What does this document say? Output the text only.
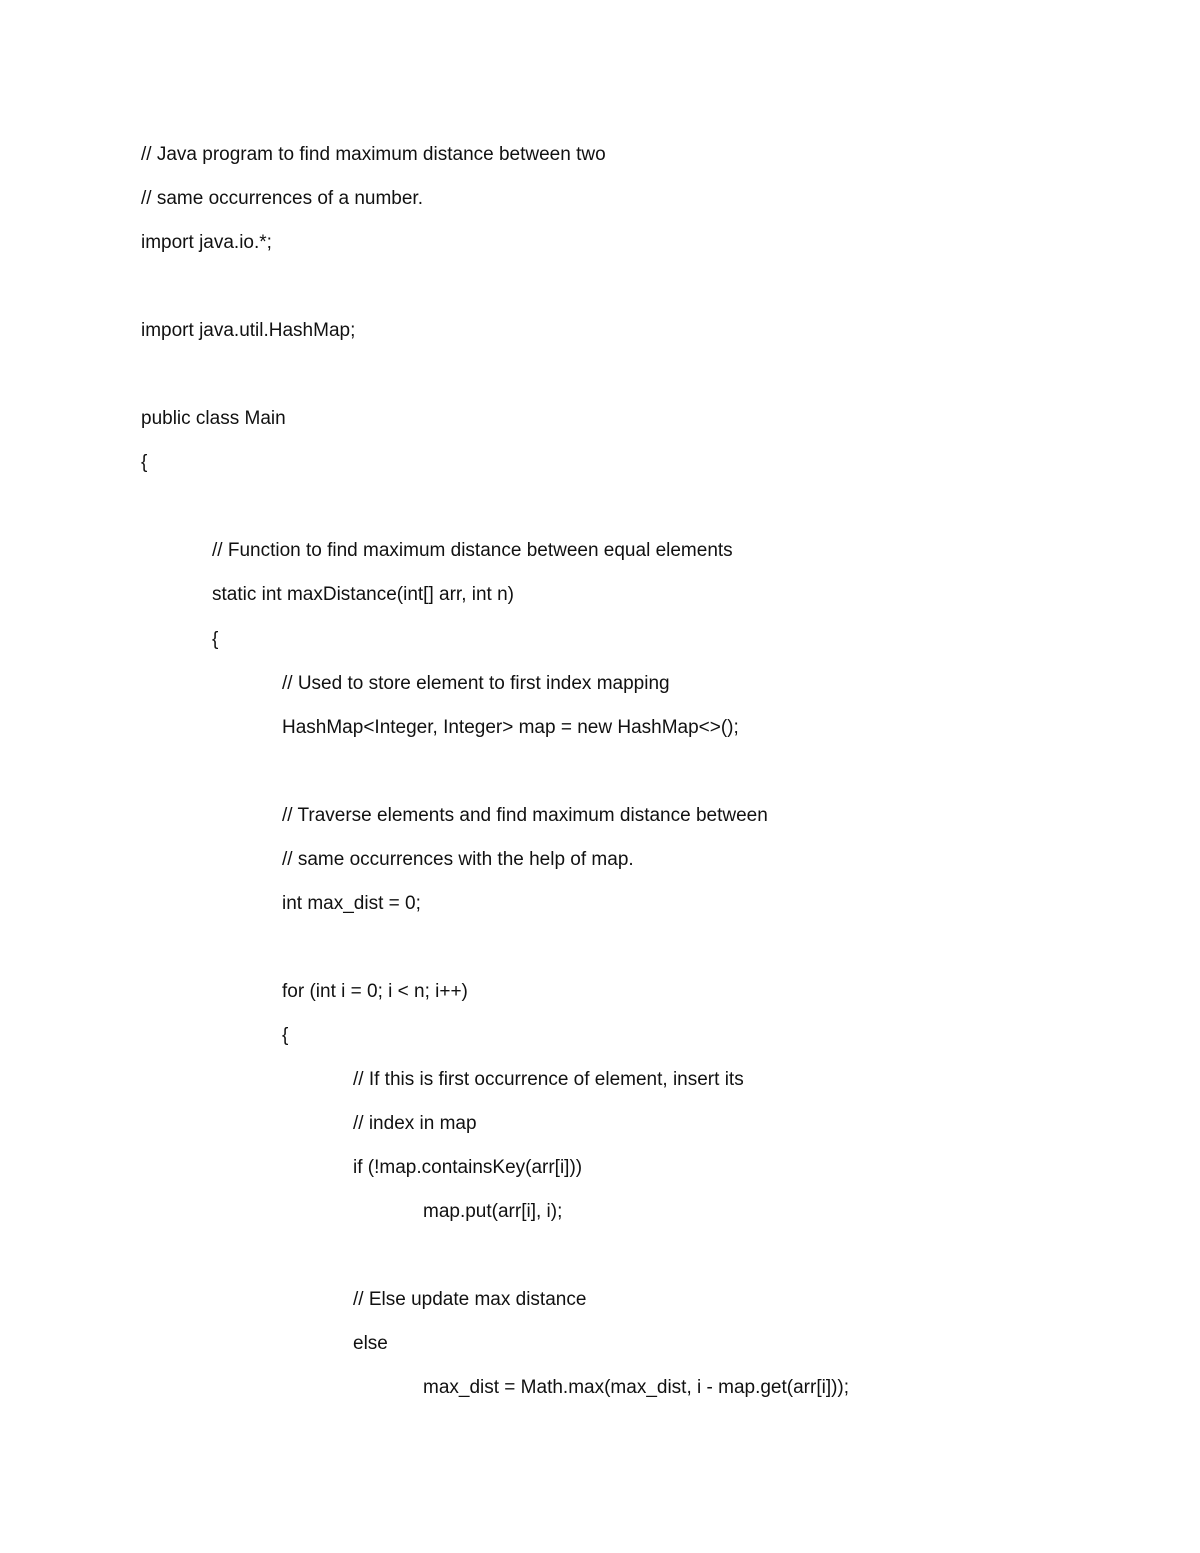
// Java program to find maximum distance between two
// same occurrences of a number.
import java.io.*;
import java.util.HashMap;
public class Main
{
// Function to find maximum distance between equal elements
static int maxDistance(int[] arr, int n)
{
// Used to store element to first index mapping
HashMap<Integer, Integer> map = new HashMap<>();
// Traverse elements and find maximum distance between
// same occurrences with the help of map.
int max_dist = 0;
for (int i = 0; i < n; i++)
{
// If this is first occurrence of element, insert its
// index in map
if (!map.containsKey(arr[i]))
map.put(arr[i], i);
// Else update max distance
else
max_dist = Math.max(max_dist, i - map.get(arr[i]));
